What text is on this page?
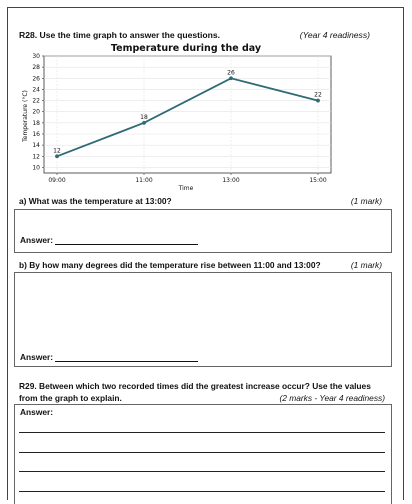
R28. Use the time graph to answer the questions.	(Year 4 readiness)
Temperature during the day
10
12
14
16
18
20
22
24
26
28
30
09:00	11:00	13:00	15:00
12
18
26
22
Time
Temperature (°C)
a) What was the temperature at 13:00?	(1 mark)
Answer:
b) By how many degrees did the temperature rise between 11:00 and 13:00?	(1 mark)
Answer:
R29. Between which two recorded times did the greatest increase occur? Use the values
from the graph to explain.	(2 marks - Year 4 readiness)
Answer:
